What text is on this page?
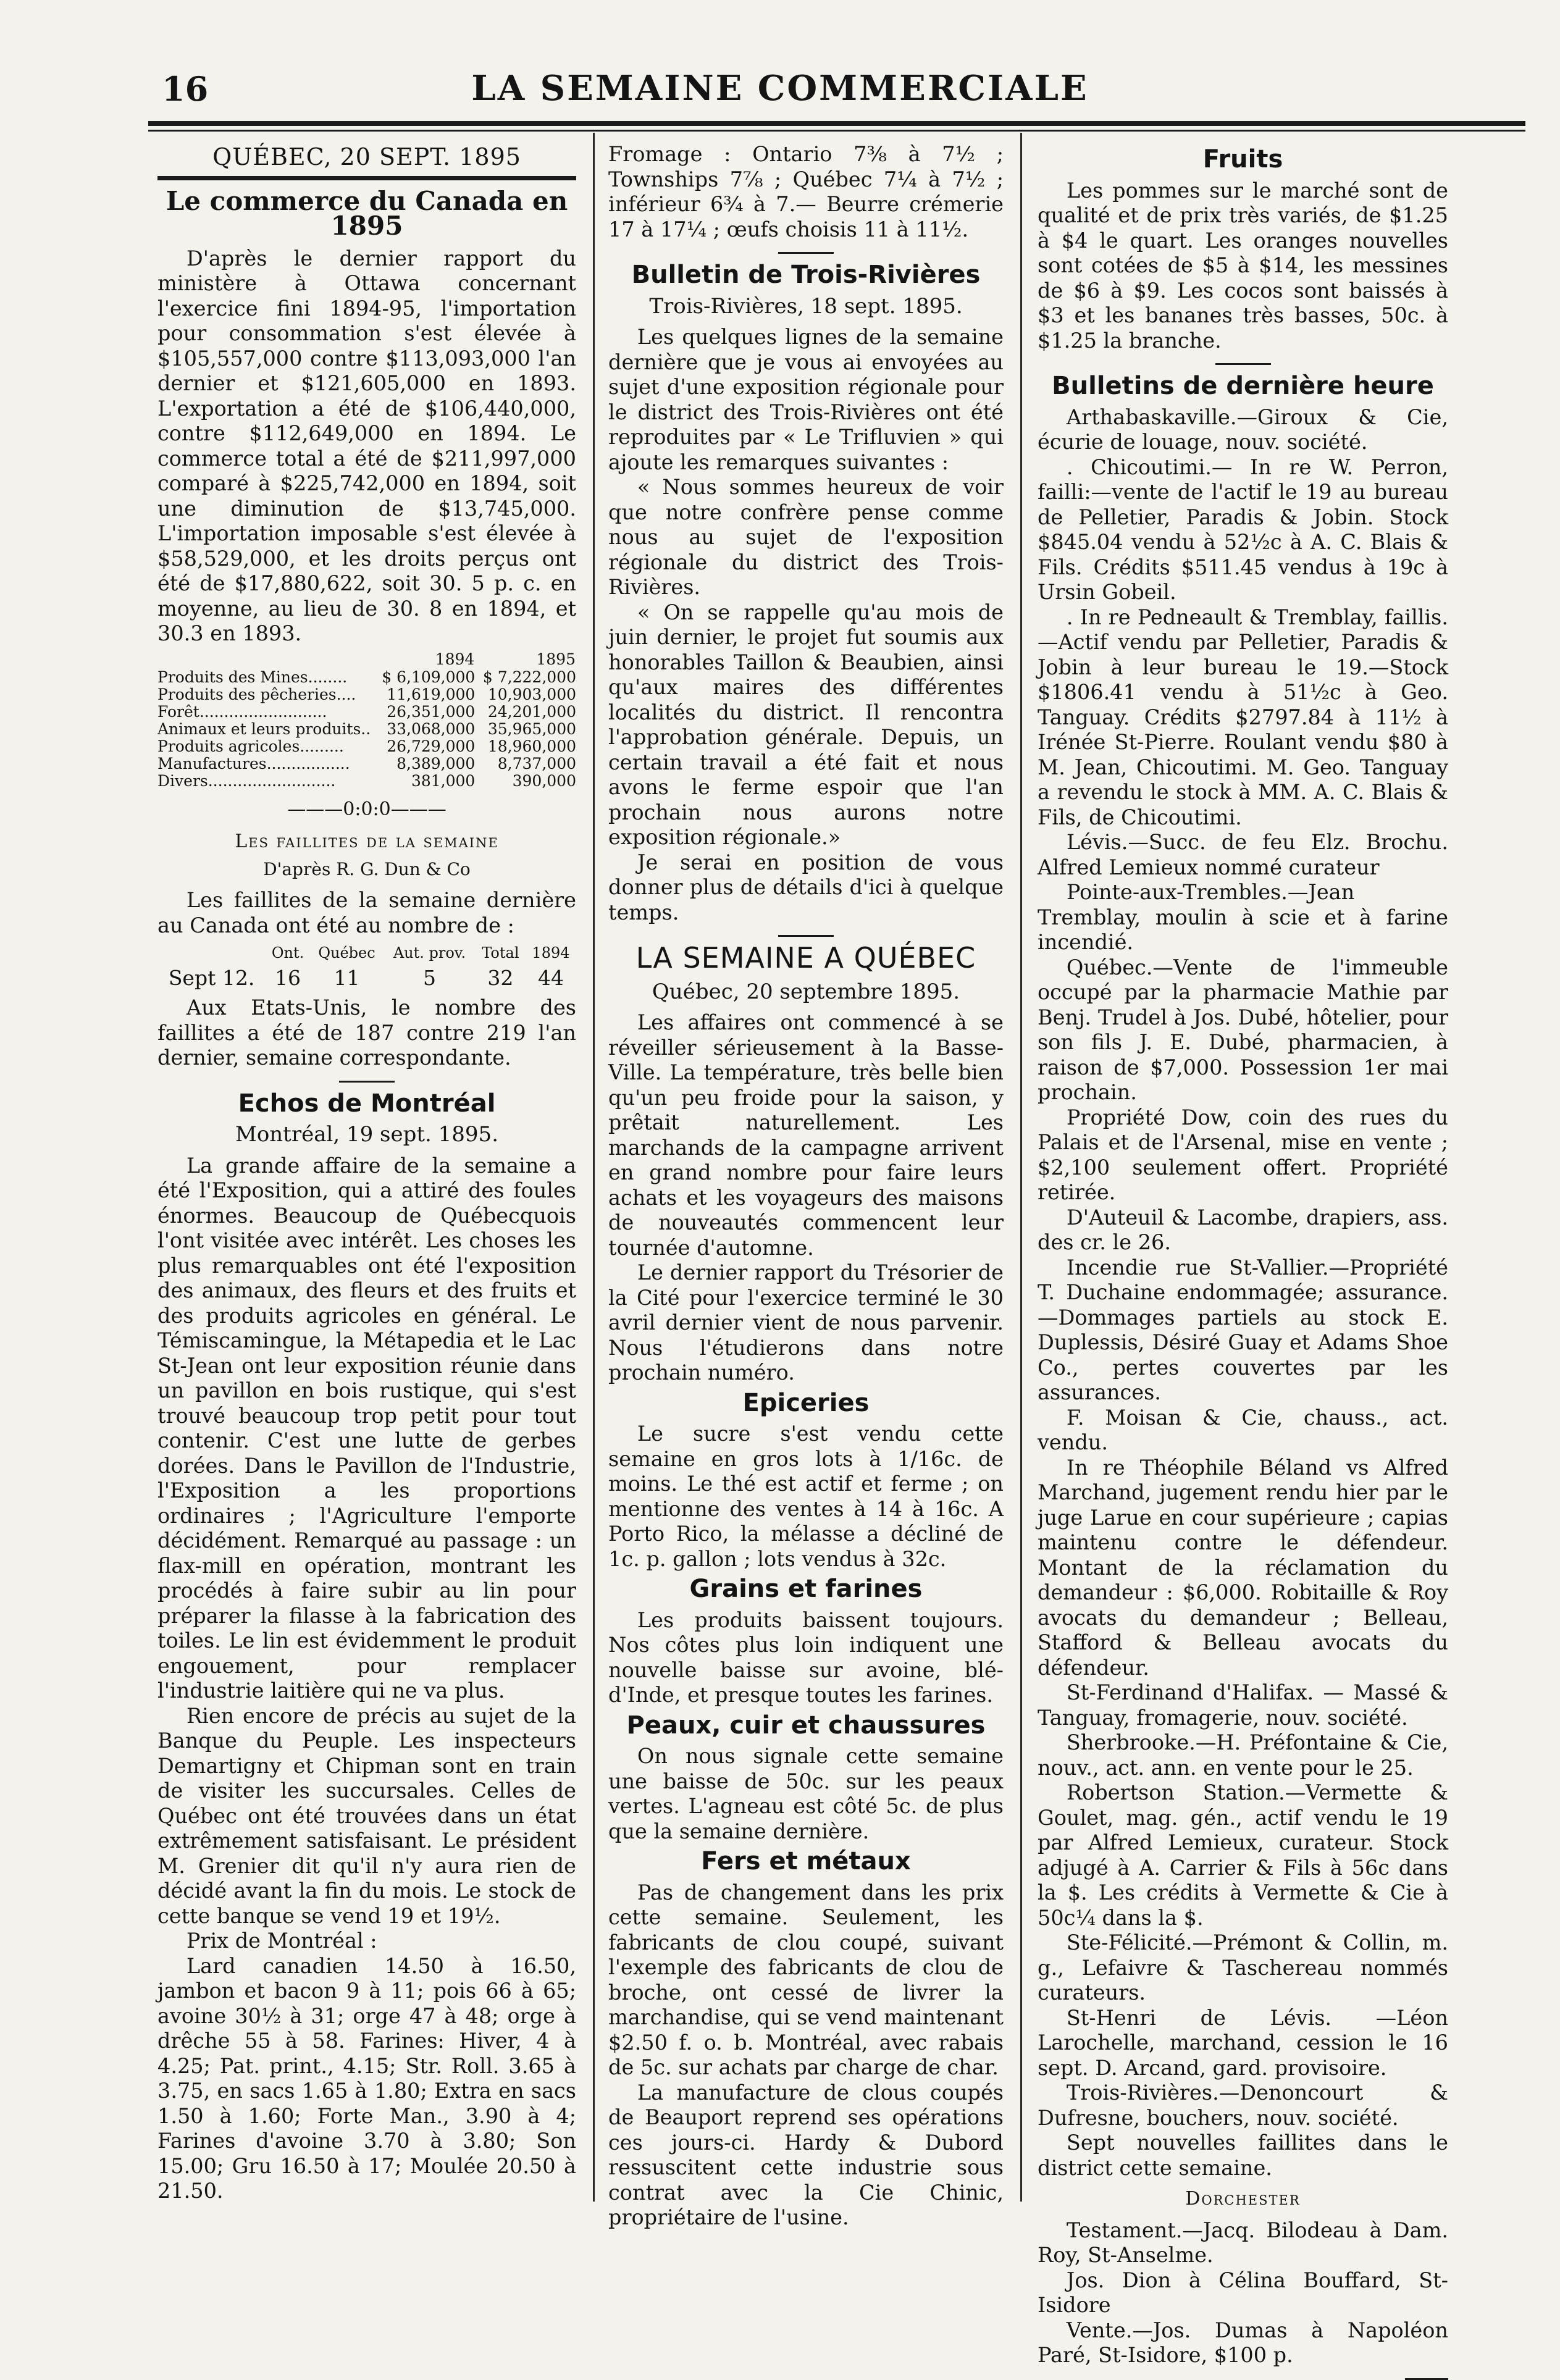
16	LA SEMAINE COMMERCIALE
QUÉBEC, 20 SEPT. 1895
Le commerce du Canada en 1895

D'après le dernier rapport du ministère à Ottawa concernant l'exercice fini 1894-95, l'importation pour consommation s'est élevée à $105,557,000 contre $113,093,000 l'an dernier et $121,605,000 en 1893. L'exportation a été de $106,440,000, contre $112,649,000 en 1894. Le commerce total a été de $211,997,000 comparé à $225,742,000 en 1894, soit une diminution de $13,745,000. L'importation imposable s'est élevée à $58,529,000, et les droits perçus ont été de $17,880,622, soit 30. 5 p. c. en moyenne, au lieu de 30. 8 en 1894, et 30.3 en 1893.

	1894	1895
Produits des Mines........	$ 6,109,000	$ 7,222,000
Produits des pêcheries....	11,619,000	10,903,000
Forêt..........................	26,351,000	24,201,000
Animaux et leurs produits..	33,068,000	35,965,000
Produits agricoles.........	26,729,000	18,960,000
Manufactures.................	8,389,000	8,737,000
Divers..........................	381,000	390,000
———0:0:0———
Les faillites de la semaine
D'après R. G. Dun & Co

Les faillites de la semaine dernière au Canada ont été au nombre de :

	Ont.	Québec	Aut. prov.	Total	1894
Sept 12.	16	11	5	32	44

Aux Etats-Unis, le nombre des faillites a été de 187 contre 219 l'an dernier, semaine correspondante.

Echos de Montréal
Montréal, 19 sept. 1895.

La grande affaire de la semaine a été l'Exposition, qui a attiré des foules énormes. Beaucoup de Québecquois l'ont visitée avec intérêt. Les choses les plus remarquables ont été l'exposition des animaux, des fleurs et des fruits et des produits agricoles en général. Le Témiscamingue, la Métapedia et le Lac St-Jean ont leur exposition réunie dans un pavillon en bois rustique, qui s'est trouvé beaucoup trop petit pour tout contenir. C'est une lutte de gerbes dorées. Dans le Pavillon de l'Industrie, l'Exposition a les proportions ordinaires ; l'Agriculture l'emporte décidément. Remarqué au passage : un flax-mill en opération, montrant les procédés à faire subir au lin pour préparer la filasse à la fabrication des toiles. Le lin est évidemment le produit engouement, pour remplacer l'industrie laitière qui ne va plus.

Rien encore de précis au sujet de la Banque du Peuple. Les inspecteurs Demartigny et Chipman sont en train de visiter les succursales. Celles de Québec ont été trouvées dans un état extrêmement satisfaisant. Le président M. Grenier dit qu'il n'y aura rien de décidé avant la fin du mois. Le stock de cette banque se vend 19 et 19½.

Prix de Montréal :

Lard canadien 14.50 à 16.50, jambon et bacon 9 à 11; pois 66 à 65; avoine 30½ à 31; orge 47 à 48; orge à drêche 55 à 58. Farines: Hiver, 4 à 4.25; Pat. print., 4.15; Str. Roll. 3.65 à 3.75, en sacs 1.65 à 1.80; Extra en sacs 1.50 à 1.60; Forte Man., 3.90 à 4; Farines d'avoine 3.70 à 3.80; Son 15.00; Gru 16.50 à 17; Moulée 20.50 à 21.50.

Fromage : Ontario 7⅜ à 7½ ; Townships 7⅞ ; Québec 7¼ à 7½ ; inférieur 6¾ à 7.— Beurre crémerie 17 à 17¼ ; œufs choisis 11 à 11½.

Bulletin de Trois-Rivières
Trois-Rivières, 18 sept. 1895.

Les quelques lignes de la semaine dernière que je vous ai envoyées au sujet d'une exposition régionale pour le district des Trois-Rivières ont été reproduites par « Le Trifluvien » qui ajoute les remarques suivantes :

« Nous sommes heureux de voir que notre confrère pense comme nous au sujet de l'exposition régionale du district des Trois-Rivières.

« On se rappelle qu'au mois de juin dernier, le projet fut soumis aux honorables Taillon & Beaubien, ainsi qu'aux maires des différentes localités du district. Il rencontra l'approbation générale. Depuis, un certain travail a été fait et nous avons le ferme espoir que l'an prochain nous aurons notre exposition régionale.»

Je serai en position de vous donner plus de détails d'ici à quelque temps.

LA SEMAINE A QUÉBEC
Québec, 20 septembre 1895.

Les affaires ont commencé à se réveiller sérieusement à la Basse-Ville. La température, très belle bien qu'un peu froide pour la saison, y prêtait naturellement. Les marchands de la campagne arrivent en grand nombre pour faire leurs achats et les voyageurs des maisons de nouveautés commencent leur tournée d'automne.

Le dernier rapport du Trésorier de la Cité pour l'exercice terminé le 30 avril dernier vient de nous parvenir. Nous l'étudierons dans notre prochain numéro.

Epiceries

Le sucre s'est vendu cette semaine en gros lots à 1/16c. de moins. Le thé est actif et ferme ; on mentionne des ventes à 14 à 16c. A Porto Rico, la mélasse a décliné de 1c. p. gallon ; lots vendus à 32c.

Grains et farines

Les produits baissent toujours. Nos côtes plus loin indiquent une nouvelle baisse sur avoine, blé-d'Inde, et presque toutes les farines.

Peaux, cuir et chaussures

On nous signale cette semaine une baisse de 50c. sur les peaux vertes. L'agneau est côté 5c. de plus que la semaine dernière.

Fers et métaux

Pas de changement dans les prix cette semaine. Seulement, les fabricants de clou coupé, suivant l'exemple des fabricants de clou de broche, ont cessé de livrer la marchandise, qui se vend maintenant $2.50 f. o. b. Montréal, avec rabais de 5c. sur achats par charge de char.

La manufacture de clous coupés de Beauport reprend ses opérations ces jours-ci. Hardy & Dubord ressuscitent cette industrie sous contrat avec la Cie Chinic, propriétaire de l'usine.

Fruits

Les pommes sur le marché sont de qualité et de prix très variés, de $1.25 à $4 le quart. Les oranges nouvelles sont cotées de $5 à $14, les messines de $6 à $9. Les cocos sont baissés à $3 et les bananes très basses, 50c. à $1.25 la branche.

Bulletins de dernière heure

Arthabaskaville.—Giroux & Cie, écurie de louage, nouv. société.

. Chicoutimi.— In re W. Perron, failli:—vente de l'actif le 19 au bureau de Pelletier, Paradis & Jobin. Stock $845.04 vendu à 52½c à A. C. Blais & Fils. Crédits $511.45 vendus à 19c à Ursin Gobeil.

. In re Pedneault & Tremblay, faillis.—Actif vendu par Pelletier, Paradis & Jobin à leur bureau le 19.—Stock $1806.41 vendu à 51½c à Geo. Tanguay. Crédits $2797.84 à 11½ à Irénée St-Pierre. Roulant vendu $80 à M. Jean, Chicoutimi. M. Geo. Tanguay a revendu le stock à MM. A. C. Blais & Fils, de Chicoutimi.

Lévis.—Succ. de feu Elz. Brochu. Alfred Lemieux nommé curateur

Pointe-aux-Trembles.—Jean Tremblay, moulin à scie et à farine incendié.

Québec.—Vente de l'immeuble occupé par la pharmacie Mathie par Benj. Trudel à Jos. Dubé, hôtelier, pour son fils J. E. Dubé, pharmacien, à raison de $7,000. Possession 1er mai prochain.

Propriété Dow, coin des rues du Palais et de l'Arsenal, mise en vente ; $2,100 seulement offert. Propriété retirée.

D'Auteuil & Lacombe, drapiers, ass. des cr. le 26.

Incendie rue St-Vallier.—Propriété T. Duchaine endommagée; assurance.—Dommages partiels au stock E. Duplessis, Désiré Guay et Adams Shoe Co., pertes couvertes par les assurances.

F. Moisan & Cie, chauss., act. vendu.

In re Théophile Béland vs Alfred Marchand, jugement rendu hier par le juge Larue en cour supérieure ; capias maintenu contre le défendeur. Montant de la réclamation du demandeur : $6,000. Robitaille & Roy avocats du demandeur ; Belleau, Stafford & Belleau avocats du défendeur.

St-Ferdinand d'Halifax. — Massé & Tanguay, fromagerie, nouv. société.

Sherbrooke.—H. Préfontaine & Cie, nouv., act. ann. en vente pour le 25.

Robertson Station.—Vermette & Goulet, mag. gén., actif vendu le 19 par Alfred Lemieux, curateur. Stock adjugé à A. Carrier & Fils à 56c dans la $. Les crédits à Vermette & Cie à 50c¼ dans la $.

Ste-Félicité.—Prémont & Collin, m. g., Lefaivre & Taschereau nommés curateurs.

St-Henri de Lévis. —Léon Larochelle, marchand, cession le 16 sept. D. Arcand, gard. provisoire.

Trois-Rivières.—Denoncourt & Dufresne, bouchers, nouv. société.

Sept nouvelles faillites dans le district cette semaine.

Dorchester

Testament.—Jacq. Bilodeau à Dam. Roy, St-Anselme.

Jos. Dion à Célina Bouffard, St-Isidore

Vente.—Jos. Dumas à Napoléon Paré, St-Isidore, $100 p.
